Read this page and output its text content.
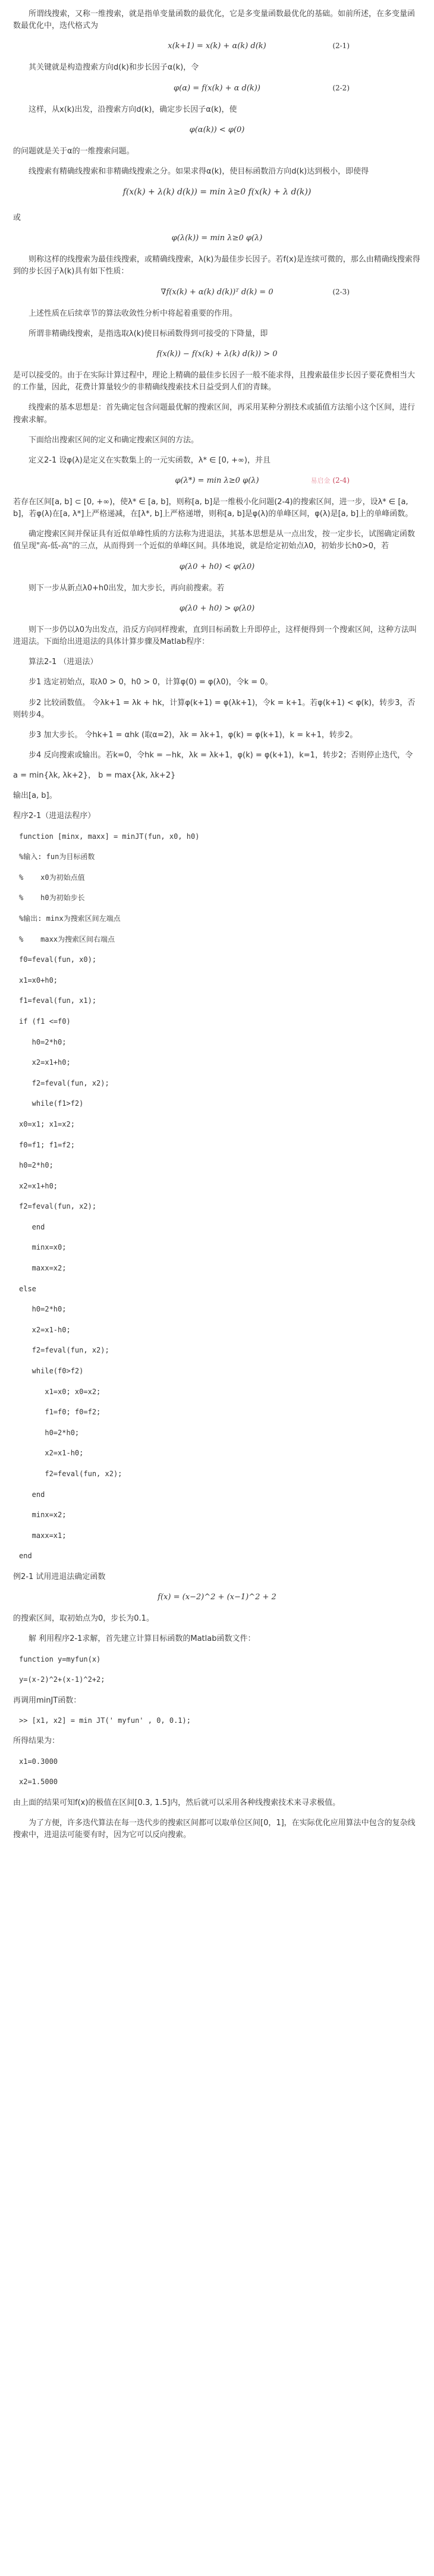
所谓线搜索，又称一维搜索，就是指单变量函数的最优化，它是多变量函数最优化的基础。如前所述，在多变量函数最优化中，迭代格式为

x(k+1) = x(k) + α(k) d(k)	(2-1)

其关键就是构造搜索方向d(k)和步长因子α(k)，令

φ(α) = f(x(k) + α d(k))	(2-2)

这样，从x(k)出发，沿搜索方向d(k)，确定步长因子α(k)，使

φ(α(k)) < φ(0)

的问题就是关于α的一维搜索问题。

线搜索有精确线搜索和非精确线搜索之分。如果求得α(k)，使目标函数沿方向d(k)达到极小，即使得

f(x(k) + λ(k) d(k)) = min λ≥0 f(x(k) + λ d(k))

或

φ(λ(k)) = min λ≥0 φ(λ)

则称这样的线搜索为最佳线搜索，或精确线搜索，λ(k)为最佳步长因子。若f(x)是连续可微的，那么由精确线搜索得到的步长因子λ(k)具有如下性质：

∇f(x(k) + α(k) d(k))ᵀ d(k) = 0	(2-3)

上述性质在后续章节的算法收敛性分析中将起着重要的作用。

所谓非精确线搜索，是指选取λ(k)使目标函数得到可接受的下降量，即

f(x(k)) − f(x(k) + λ(k) d(k)) > 0

是可以接受的。由于在实际计算过程中，理论上精确的最佳步长因子一般不能求得，且搜索最佳步长因子要花费相当大的工作量，因此，花费计算量较少的非精确线搜索技术日益受到人们的青睐。

线搜索的基本思想是：首先确定包含问题最优解的搜索区间，再采用某种分割技术或插值方法缩小这个区间，进行搜索求解。

下面给出搜索区间的定义和确定搜索区间的方法。

定义2-1 设φ(λ)是定义在实数集上的一元实函数，λ* ∈ [0, +∞)，并且

φ(λ*) = min λ≥0 φ(λ)	易启金 (2-4)

若存在区间[a, b] ⊂ [0, +∞)，使λ* ∈ [a, b]，则称[a, b]是一维极小化问题(2-4)的搜索区间，进一步，设λ* ∈ [a, b]，若φ(λ)在[a, λ*]上严格递减，在[λ*, b]上严格递增，则称[a, b]是φ(λ)的单峰区间，φ(λ)是[a, b]上的单峰函数。

确定搜索区间并保证具有近似单峰性质的方法称为进退法，其基本思想是从一点出发，按一定步长，试图确定函数值呈现"高-低-高"的三点，从而得到一个近似的单峰区间。具体地说，就是给定初始点λ0，初始步长h0>0，若

φ(λ0 + h0) < φ(λ0)

则下一步从新点λ0+h0出发，加大步长，再向前搜索。若

φ(λ0 + h0) > φ(λ0)

则下一步仍以λ0为出发点，沿反方向同样搜索，直到目标函数上升即停止，这样便得到一个搜索区间，这种方法叫进退法。下面给出进退法的具体计算步骤及Matlab程序：

算法2-1 （进退法）

步1 选定初始点，取λ0 > 0，h0 > 0，计算φ(0) = φ(λ0)，令k = 0。

步2 比较函数值。 令λk+1 = λk + hk，计算φ(k+1) = φ(λk+1)，令k = k+1。若φ(k+1) < φ(k)，转步3，否则转步4。

步3 加大步长。 令hk+1 = αhk (取α=2)，λk = λk+1，φ(k) = φ(k+1)，k = k+1，转步2。

步4 反向搜索或输出。若k=0，令hk = −hk，λk = λk+1，φ(k) = φ(k+1)，k=1，转步2；否则停止迭代，令

a = min{λk, λk+2}， b = max{λk, λk+2}

输出[a, b]。

程序2-1（进退法程序）

function [minx, maxx] = minJT(fun, x0, h0)
%输入: fun为目标函数
%    x0为初始点值
%    h0为初始步长
%输出: minx为搜索区间左端点
%    maxx为搜索区间右端点
f0=feval(fun, x0);
x1=x0+h0;
f1=feval(fun, x1);
if (f1 <=f0)
h0=2*h0;
x2=x1+h0;
f2=feval(fun, x2);
while(f1>f2)
x0=x1; x1=x2;
f0=f1; f1=f2;
h0=2*h0;
x2=x1+h0;
f2=feval(fun, x2);
end
minx=x0;
maxx=x2;
else
h0=2*h0;
x2=x1-h0;
f2=feval(fun, x2);
while(f0>f2)
x1=x0; x0=x2;
f1=f0; f0=f2;
h0=2*h0;
x2=x1-h0;
f2=feval(fun, x2);
end
minx=x2;
maxx=x1;
end

例2-1 试用进退法确定函数

f(x) = (x−2)^2 + (x−1)^2 + 2

的搜索区间，取初始点为0，步长为0.1。

解 利用程序2-1求解，首先建立计算目标函数的Matlab函数文件：

function y=myfun(x)
y=(x-2)^2+(x-1)^2+2;

再调用minJT函数：

>> [x1, x2] = min JT(' myfun' , 0, 0.1);

所得结果为：

x1=0.3000
x2=1.5000

由上面的结果可知f(x)的极值在区间[0.3, 1.5]内，然后就可以采用各种线搜索技术来寻求极值。

为了方便，许多迭代算法在每一迭代步的搜索区间都可以取单位区间[0，1]，在实际优化应用算法中包含的复杂线搜索中，进退法可能要有时，因为它可以反向搜索。
